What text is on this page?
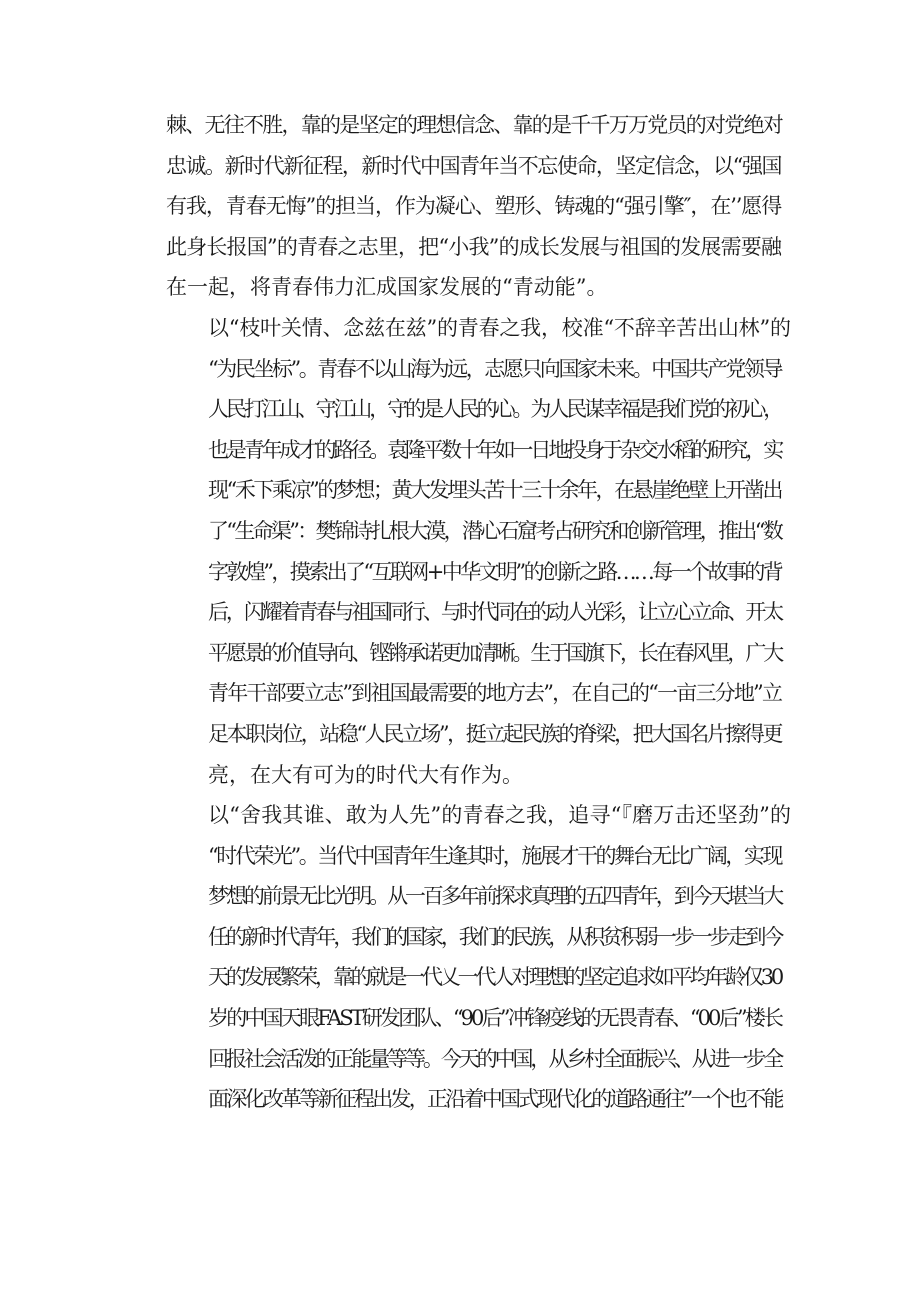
棘、无往不胜，靠的是坚定的理想信念、靠的是千千万万党员的对党绝对
忠诚。新时代新征程，新时代中国青年当不忘使命，坚定信念，以“强国
有我，青春无悔”的担当，作为凝心、塑形、铸魂的“强引擎″，在’’愿得
此身长报国”的青春之志里，把“小我”的成长发展与祖国的发展需要融
在一起，将青春伟力汇成国家发展的“青动能”。
以“枝叶关情、念兹在兹”的青春之我，校准“不辞辛苦出山林”的
“为民坐标”。青春不以山海为远，志愿只向国家未来。中国共产党领导
人民打江山、守江山，守的是人民的心。为人民谋幸福是我们党的初心，
也是青年成才的路径。袁隆平数十年如一日地投身于杂交水稻的研究，实
现“禾下乘凉”的梦想；黄大发埋头苦十三十余年，在悬崖绝壁上开凿出
了“生命渠”：樊锦诗扎根大漠，潜心石窟考占研究和创新管理，推出“数
字敦煌”，摸索出了“互联网+中华文明”的创新之路……每一个故事的背
后，闪耀着青春与祖国同行、与时代同在的动人光彩，让立心立命、开太
平愿景的价值导向、铿锵承诺更加清晰。生于国旗下，长在春风里，广大
青年干部要立志”到祖国最需要的地方去”，在自己的“一亩三分地”立
足本职岗位，站稳“人民立场”，挺立起民族的脊梁，把大国名片擦得更
亮，在大有可为的时代大有作为。
以“舍我其谁、敢为人先”的青春之我，追寻“『磨万击还坚劲”的
“时代荣光”。当代中国青年生逢其时，施展才干的舞台无比广阔，实现
梦想的前景无比光明。从一百多年前探求真理的五四青年，到今天堪当大
任的新时代青年，我们的国家，我们的民族，从积贫积弱一步一步走到今
天的发展繁荣，靠的就是一代乂一代人对理想的坚定追求如平均年龄仅30
岁的中国天眼FAST研发团队、“90后”冲锋疫线的无畏青春、“00后”楼长
回报社会活泼的正能量等等。今天的中国，从乡村全面振兴、从进一步全
面深化改革等新征程出发，正沿着中国式现代化的道路通往”一个也不能
